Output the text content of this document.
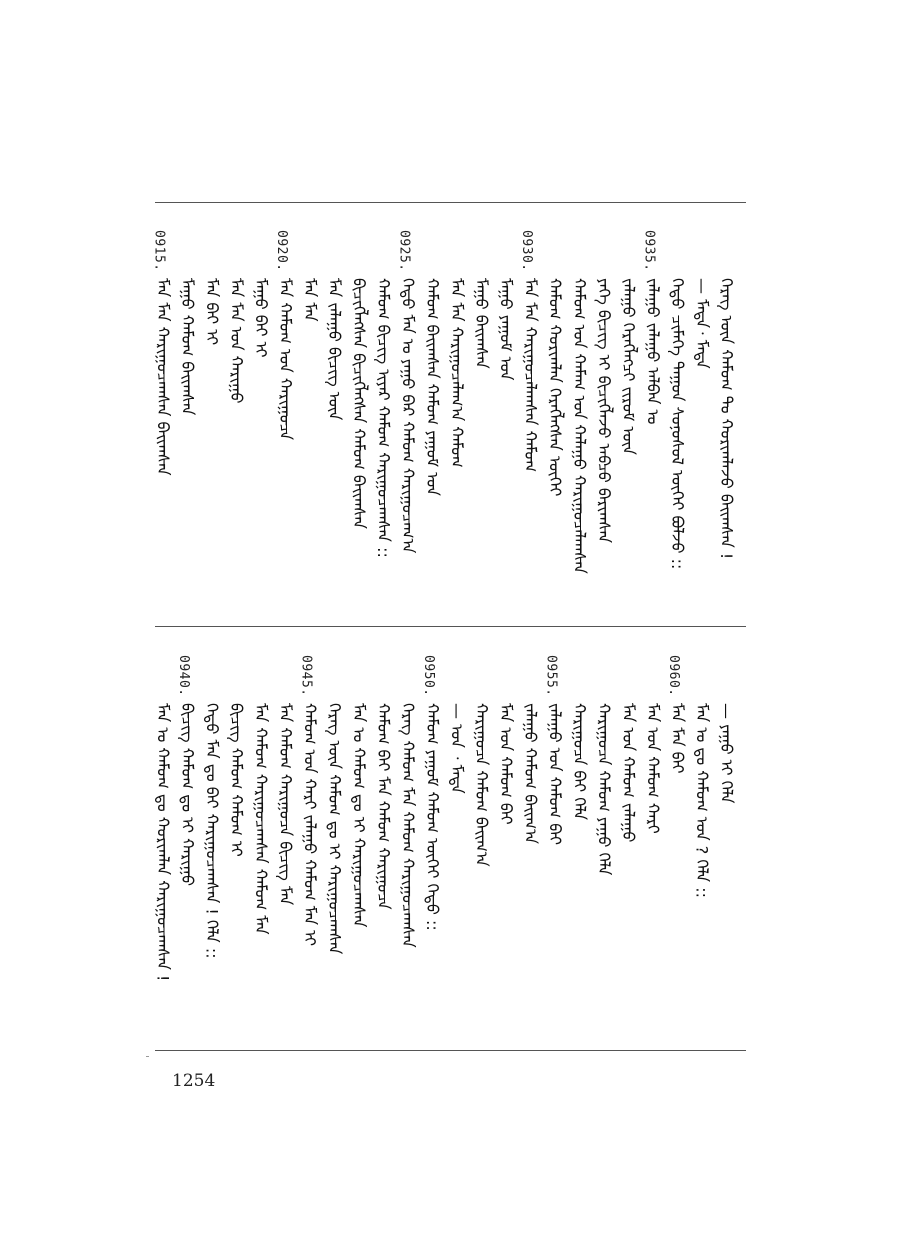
ᠬᠡᠷᠡᠭ ᠦᠨ ᠬᠠᠮᠤᠭ ᠲᠤ ᠬᠣᠷᠢᠭᠯᠠᠵᠤ ᠪᠠᠢᠭᠰᠠᠨ !
— ᠮᠡᠳᠡ᠂ ᠮᠡᠳᠡ
ᠬᠡᠳᠦ ᠴᠢᠮᠡᠭᠡ ᠳᠠᠭᠤᠨ ᠰᠣᠨᠣᠰᠤᠯ ᠦᠭᠡᠢ ᠪᠣᠯᠵᠤ ::
0935.
ᠵᠠᠯᠠᠭᠤ ᠵᠠᠯᠠᠭᠤ ᠠᠯᠪᠠᠨ ᠤ
ᠵᠠᠯᠠᠭᠤ ᠬᠡᠷᠡᠭᠯᠡᠭᠴᠢ ᠵᠢᠷᠦᠮ ᠦᠨ
ᠶᠡᠬᠡ ᠪᠢᠴᠢᠭ ᠢ ᠪᠢᠴᠢᠭᠯᠡᠵᠦ ᠠᠪᠴᠤ ᠪᠠᠷᠢᠭᠰᠠᠨ
ᠬᠠᠮᠤᠭ ᠤᠨ ᠬᠠᠮᠠᠭ ᠤᠨ ᠬᠠᠯᠠᠭᠤ ᠬᠠᠷᠢᠭᠤᠴᠠᠯᠠᠭᠰᠠᠨ
ᠬᠠᠮᠤᠭ ᠬᠣᠷᠢᠭᠯᠠᠨ ᠬᠡᠷᠡᠭᠯᠡᠭᠰᠡᠨ ᠦᠭᠡᠢ
0930.
ᠮᠠᠨ ᠮᠠᠨ ᠬᠠᠷᠢᠭᠤᠴᠠᠯᠠᠭᠰᠠᠨ ᠬᠠᠮᠤᠭ
ᠮᠠᠭᠤ ᠶᠠᠭᠤᠮ ᠤᠨ
ᠮᠠᠭᠤ ᠪᠠᠢᠭᠰᠠᠨ
ᠮᠠᠨ ᠮᠠᠨ ᠬᠠᠷᠢᠭᠤᠴᠠᠯᠠᠭ᠎ᠠ ᠬᠠᠮᠤᠭ
ᠬᠠᠮᠤᠭ ᠪᠠᠢᠭᠰᠠᠨ ᠬᠠᠮᠤᠭ ᠶᠠᠭᠤᠮ ᠤᠨ
0925.
ᠬᠡᠳᠦ ᠮᠠᠨ ᠤ ᠶᠠᠭᠤ ᠪᠠᠷ ᠬᠠᠮᠤᠭ ᠬᠠᠷᠢᠭᠤᠴᠠᠭ᠎ᠠ
ᠬᠠᠮᠤᠭ ᠪᠢᠴᠢᠭ ᠢᠶᠡᠷ ᠬᠠᠮᠤᠭ ᠬᠠᠷᠢᠭᠤᠴᠠᠭᠰᠠᠨ ::
ᠪᠢᠴᠢᠭᠯᠡᠭᠰᠡᠨ ᠪᠢᠴᠢᠭᠯᠡᠭᠰᠡᠨ ᠬᠠᠮᠤᠭ ᠪᠠᠢᠭᠰᠠᠨ
ᠮᠠᠨ ᠵᠠᠯᠠᠭᠤ ᠪᠢᠴᠢᠭ ᠦᠨ
ᠮᠠᠨ ᠮᠠᠨ
0920.
ᠮᠠᠨ ᠬᠠᠮᠤᠭ ᠤᠨ ᠬᠠᠷᠢᠭᠤᠴᠠ
ᠮᠠᠭᠤ ᠪᠠᠢ ᠢ
ᠮᠠᠨ ᠮᠠᠨ ᠤᠨ ᠬᠠᠷᠢᠭᠤ
ᠮᠠᠨ ᠪᠠᠢ ᠢ
ᠮᠠᠭᠤ ᠬᠠᠮᠤᠭ ᠪᠠᠢᠭᠰᠠᠨ
0915.
ᠮᠠᠨ ᠮᠠᠨ ᠬᠠᠷᠢᠭᠤᠴᠠᠭᠰᠠᠨ ᠪᠠᠢᠭᠰᠠᠨ
— ᠶᠠᠭᠤ ᠢ ᠬᠡᠯᠡ
ᠮᠠᠨ ᠤ ᠳᠤ ᠬᠠᠮᠤᠭ ᠤᠨ ? ᠬᠡᠯᠡ ::
0960.
ᠮᠠᠨ ᠮᠠᠨ ᠪᠠᠢ
ᠮᠠᠨ ᠤᠨ ᠬᠠᠮᠤᠭ ᠬᠠᠷᠢ
ᠮᠠᠨ ᠤᠨ ᠬᠠᠮᠤᠭ ᠵᠠᠯᠠᠭᠤ
ᠬᠠᠷᠢᠭᠤᠴᠠ ᠬᠠᠮᠤᠭ ᠶᠠᠭᠤ ᠬᠡᠯᠡ
ᠬᠠᠷᠢᠭᠤᠴᠠ ᠪᠠᠢ ᠬᠡᠯᠡ
0955.
ᠵᠠᠯᠠᠭᠤ ᠤᠨ ᠬᠠᠮᠤᠭ ᠪᠠᠢ
ᠵᠠᠯᠠᠭᠤ ᠬᠠᠮᠤᠭ ᠪᠠᠢᠭ᠎ᠠ
ᠮᠠᠨ ᠤᠨ ᠬᠠᠮᠤᠭ ᠪᠠᠢ
ᠬᠠᠷᠢᠭᠤᠴᠠ ᠬᠠᠮᠤᠭ ᠪᠠᠢᠭ᠎ᠠ
— ᠤᠨ ᠂ ᠮᠡᠳᠡ
0950.
ᠬᠠᠮᠤᠭ ᠶᠠᠭᠤᠮ ᠬᠠᠮᠤᠭ ᠦᠭᠡᠢ ᠬᠡᠳᠦ ::
ᠬᠡᠷᠡᠭ ᠬᠠᠮᠤᠭ ᠮᠠᠨ ᠬᠠᠮᠤᠭ ᠬᠠᠷᠢᠭᠤᠴᠠᠭᠰᠠᠨ
ᠬᠠᠮᠤᠭ ᠪᠠᠢ ᠮᠠᠨ ᠬᠠᠮᠤᠭ ᠬᠠᠷᠢᠭᠤᠴᠠ
ᠮᠠᠨ ᠤ ᠬᠠᠮᠤᠭ ᠳᠤ ᠢ ᠬᠠᠷᠢᠭᠤᠴᠠᠭᠰᠠᠨ
ᠬᠡᠷᠡᠭ ᠦᠨ ᠬᠠᠮᠤᠭ ᠳᠤ ᠢ ᠬᠠᠷᠢᠭᠤᠴᠠᠭᠰᠠᠨ
0945.
ᠬᠠᠮᠤᠭ ᠤᠨ ᠬᠠᠷᠢ ᠵᠠᠯᠠᠭᠤ ᠬᠠᠮᠤᠭ ᠮᠠᠨ ᠢ
ᠮᠠᠨ ᠬᠠᠮᠤᠭ ᠬᠠᠷᠢᠭᠤᠴᠠ ᠪᠢᠴᠢᠭ ᠮᠠᠨ
ᠮᠠᠨ ᠬᠠᠮᠤᠭ ᠬᠠᠷᠢᠭᠤᠴᠠᠭᠰᠠᠨ ᠬᠠᠮᠤᠭ ᠮᠠᠨ
ᠪᠢᠴᠢᠭ ᠬᠠᠮᠤᠭ ᠬᠠᠮᠤᠭ ᠢ
ᠬᠡᠳᠦ ᠮᠠᠨ ᠳᠤ ᠪᠠᠢ ᠬᠠᠷᠢᠭᠤᠴᠠᠭᠰᠠᠨ ! ᠬᠡᠯᠡ ::
0940.
ᠪᠢᠴᠢᠭ ᠬᠠᠮᠤᠭ ᠳᠤ ᠢ ᠬᠠᠷᠢᠭᠤ
ᠮᠠᠨ ᠤ ᠬᠠᠮᠤᠭ ᠳᠤ ᠬᠣᠷᠢᠭᠯᠠᠨ ᠬᠠᠷᠢᠭᠤᠴᠠᠭᠰᠠᠨ !
1254
